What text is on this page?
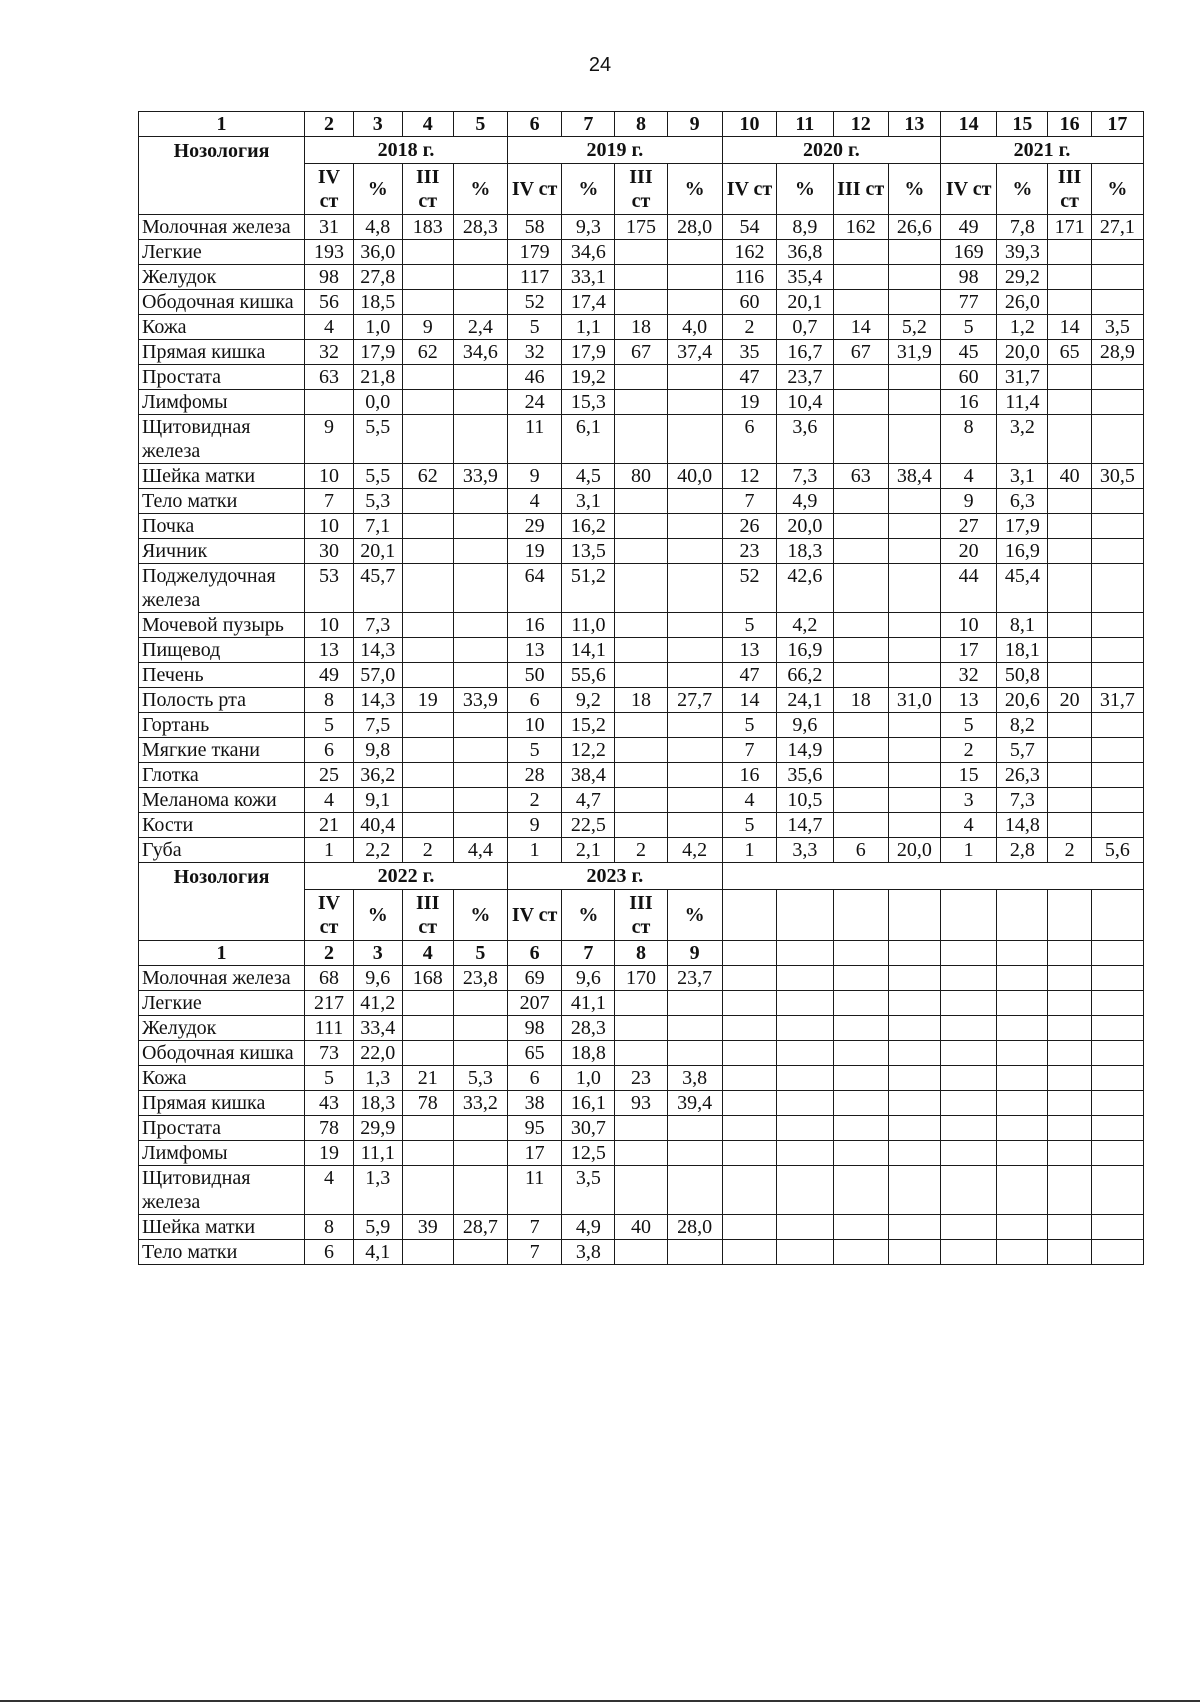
24
1	2	3	4	5	6	7	8	9	10	11	12	13	14	15	16	17
Нозология	2018 г.				2019 г.				2020 г.				2021 г.			
	IV ст	%	III ст	%	IV ст	%	III ст	%	IV ст	%	III ст	%	IV ст	%	III ст	%
Молочная железа	31	4,8	183	28,3	58	9,3	175	28,0	54	8,9	162	26,6	49	7,8	171	27,1
Легкие	193	36,0			179	34,6			162	36,8			169	39,3		
Желудок	98	27,8			117	33,1			116	35,4			98	29,2		
Ободочная кишка	56	18,5			52	17,4			60	20,1			77	26,0		
Кожа	4	1,0	9	2,4	5	1,1	18	4,0	2	0,7	14	5,2	5	1,2	14	3,5
Прямая кишка	32	17,9	62	34,6	32	17,9	67	37,4	35	16,7	67	31,9	45	20,0	65	28,9
Простата	63	21,8			46	19,2			47	23,7			60	31,7		
Лимфомы		0,0			24	15,3			19	10,4			16	11,4		
Щитовидная железа	9	5,5			11	6,1			6	3,6			8	3,2		
Шейка матки	10	5,5	62	33,9	9	4,5	80	40,0	12	7,3	63	38,4	4	3,1	40	30,5
Тело матки	7	5,3			4	3,1			7	4,9			9	6,3		
Почка	10	7,1			29	16,2			26	20,0			27	17,9		
Яичник	30	20,1			19	13,5			23	18,3			20	16,9		
Поджелудочная железа	53	45,7			64	51,2			52	42,6			44	45,4		
Мочевой пузырь	10	7,3			16	11,0			5	4,2			10	8,1		
Пищевод	13	14,3			13	14,1			13	16,9			17	18,1		
Печень	49	57,0			50	55,6			47	66,2			32	50,8		
Полость рта	8	14,3	19	33,9	6	9,2	18	27,7	14	24,1	18	31,0	13	20,6	20	31,7
Гортань	5	7,5			10	15,2			5	9,6			5	8,2		
Мягкие ткани	6	9,8			5	12,2			7	14,9			2	5,7		
Глотка	25	36,2			28	38,4			16	35,6			15	26,3		
Меланома кожи	4	9,1			2	4,7			4	10,5			3	7,3		
Кости	21	40,4			9	22,5			5	14,7			4	14,8		
Губа	1	2,2	2	4,4	1	2,1	2	4,2	1	3,3	6	20,0	1	2,8	2	5,6
Нозология	2022 г.				2023 г.											
	IV ст	%	III ст	%	IV ст	%	III ст	%								
1	2	3	4	5	6	7	8	9								
Молочная железа	68	9,6	168	23,8	69	9,6	170	23,7								
Легкие	217	41,2			207	41,1										
Желудок	111	33,4			98	28,3										
Ободочная кишка	73	22,0			65	18,8										
Кожа	5	1,3	21	5,3	6	1,0	23	3,8								
Прямая кишка	43	18,3	78	33,2	38	16,1	93	39,4								
Простата	78	29,9			95	30,7										
Лимфомы	19	11,1			17	12,5										
Щитовидная железа	4	1,3			11	3,5										
Шейка матки	8	5,9	39	28,7	7	4,9	40	28,0								
Тело матки	6	4,1			7	3,8										
